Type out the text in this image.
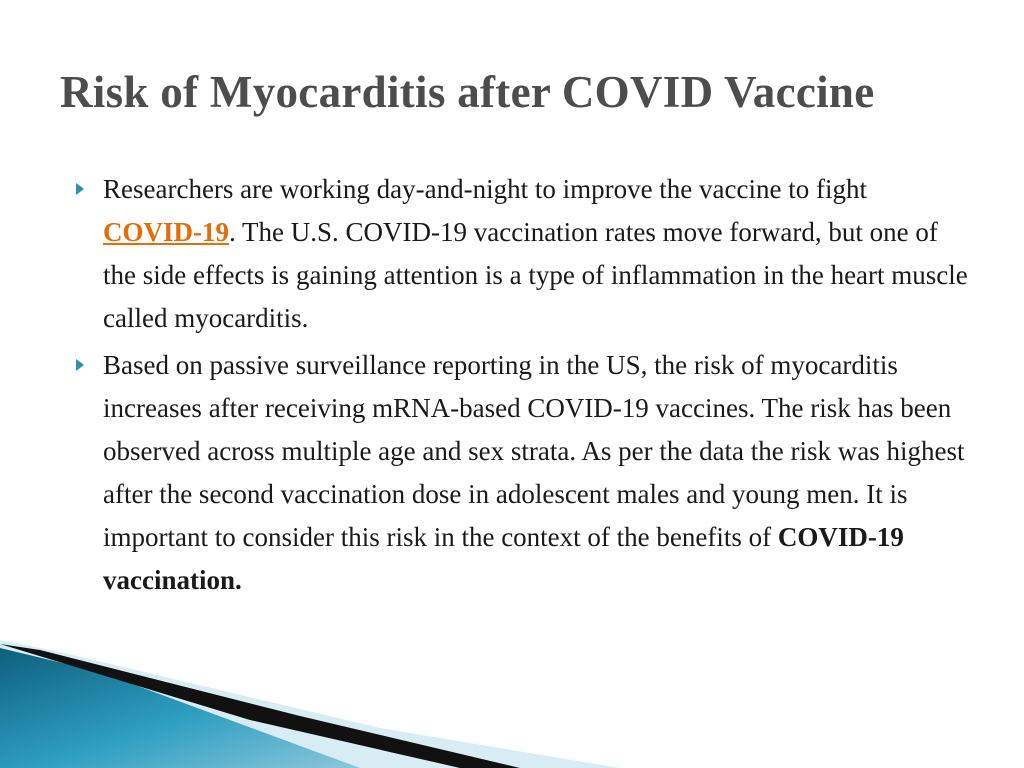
Risk of Myocarditis after COVID Vaccine
Researchers are working day-and-night to improve the vaccine to fight COVID-19. The U.S. COVID-19 vaccination rates move forward, but one of the side effects is gaining attention is a type of inflammation in the heart muscle called myocarditis.
Based on passive surveillance reporting in the US, the risk of myocarditis increases after receiving mRNA-based COVID-19 vaccines. The risk has been observed across multiple age and sex strata. As per the data the risk was highest after the second vaccination dose in adolescent males and young men. It is important to consider this risk in the context of the benefits of COVID-19 vaccination.
